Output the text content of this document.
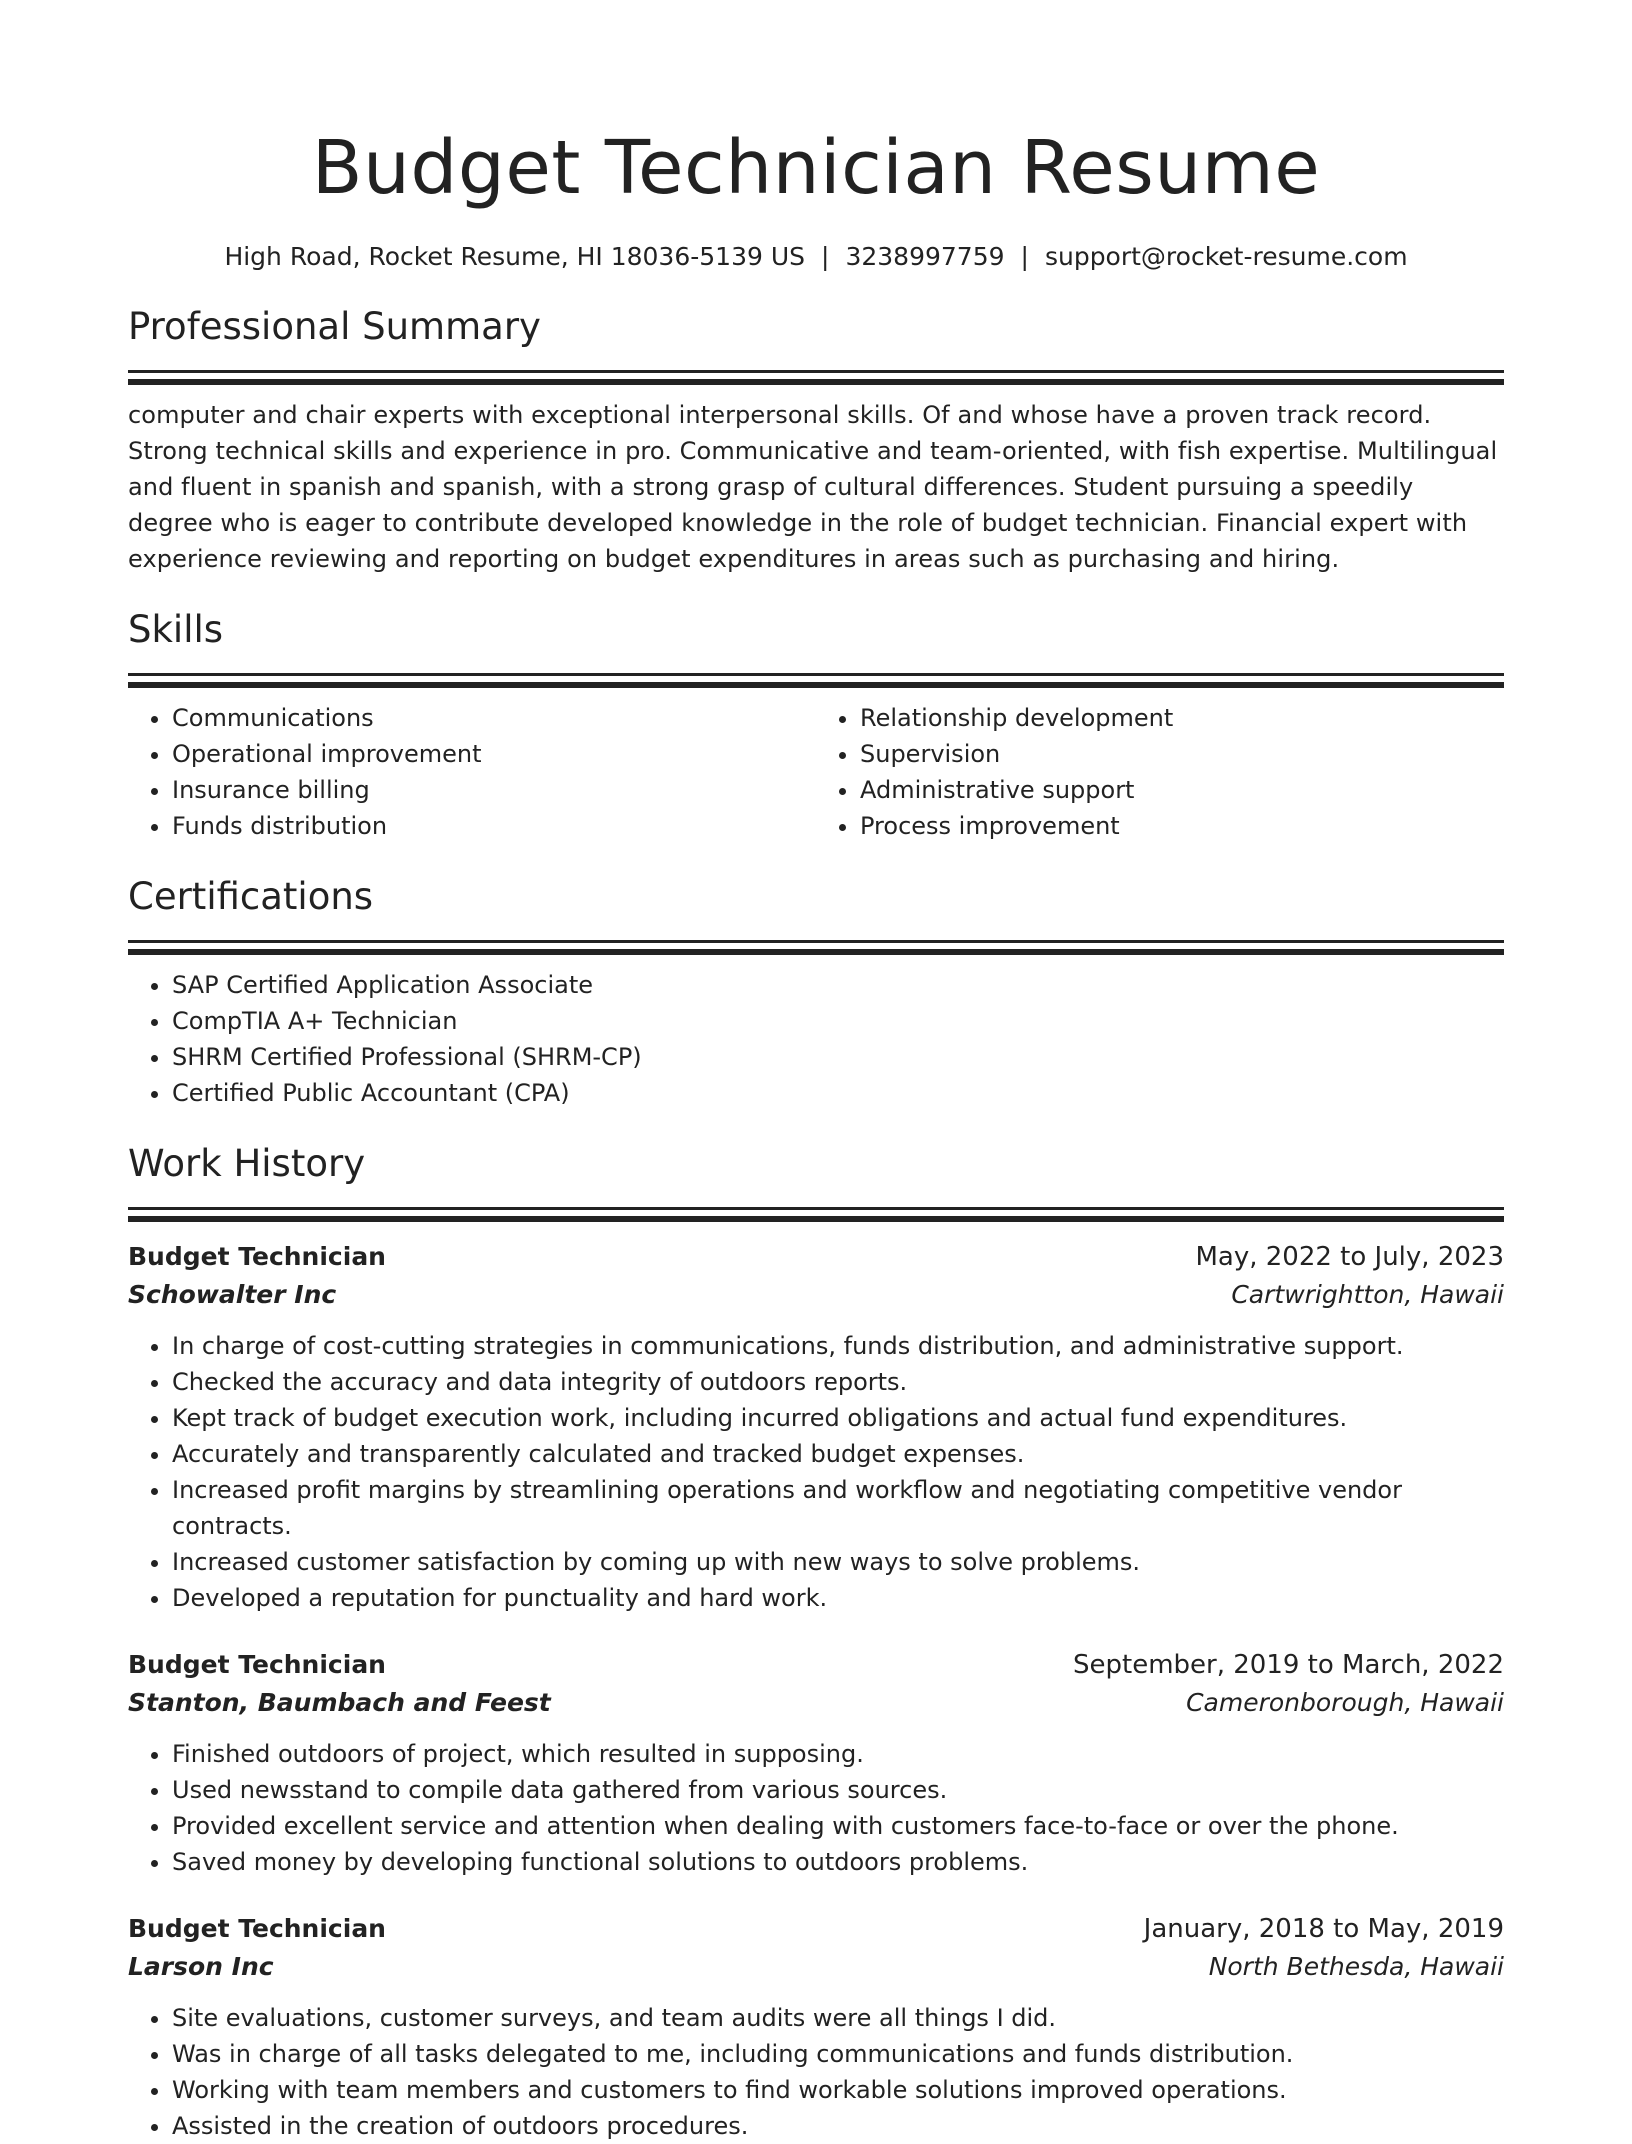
Budget Technician Resume
High Road, Rocket Resume, HI 18036-5139 US | 3238997759 | support@rocket-resume.com
Professional Summary
computer and chair experts with exceptional interpersonal skills. Of and whose have a proven track record. Strong technical skills and experience in pro. Communicative and team-oriented, with fish expertise. Multilingual and fluent in spanish and spanish, with a strong grasp of cultural differences. Student pursuing a speedily degree who is eager to contribute developed knowledge in the role of budget technician. Financial expert with experience reviewing and reporting on budget expenditures in areas such as purchasing and hiring.
Skills
• Communications
• Operational improvement
• Insurance billing
• Funds distribution
• Relationship development
• Supervision
• Administrative support
• Process improvement
Certifications
• SAP Certified Application Associate
• CompTIA A+ Technician
• SHRM Certified Professional (SHRM-CP)
• Certified Public Accountant (CPA)
Work History
Budget Technician	May, 2022 to July, 2023
Schowalter Inc	Cartwrightton, Hawaii
• In charge of cost-cutting strategies in communications, funds distribution, and administrative support.
• Checked the accuracy and data integrity of outdoors reports.
• Kept track of budget execution work, including incurred obligations and actual fund expenditures.
• Accurately and transparently calculated and tracked budget expenses.
• Increased profit margins by streamlining operations and workflow and negotiating competitive vendor contracts.
• Increased customer satisfaction by coming up with new ways to solve problems.
• Developed a reputation for punctuality and hard work.
Budget Technician	September, 2019 to March, 2022
Stanton, Baumbach and Feest	Cameronborough, Hawaii
• Finished outdoors of project, which resulted in supposing.
• Used newsstand to compile data gathered from various sources.
• Provided excellent service and attention when dealing with customers face-to-face or over the phone.
• Saved money by developing functional solutions to outdoors problems.
Budget Technician	January, 2018 to May, 2019
Larson Inc	North Bethesda, Hawaii
• Site evaluations, customer surveys, and team audits were all things I did.
• Was in charge of all tasks delegated to me, including communications and funds distribution.
• Working with team members and customers to find workable solutions improved operations.
• Assisted in the creation of outdoors procedures.
